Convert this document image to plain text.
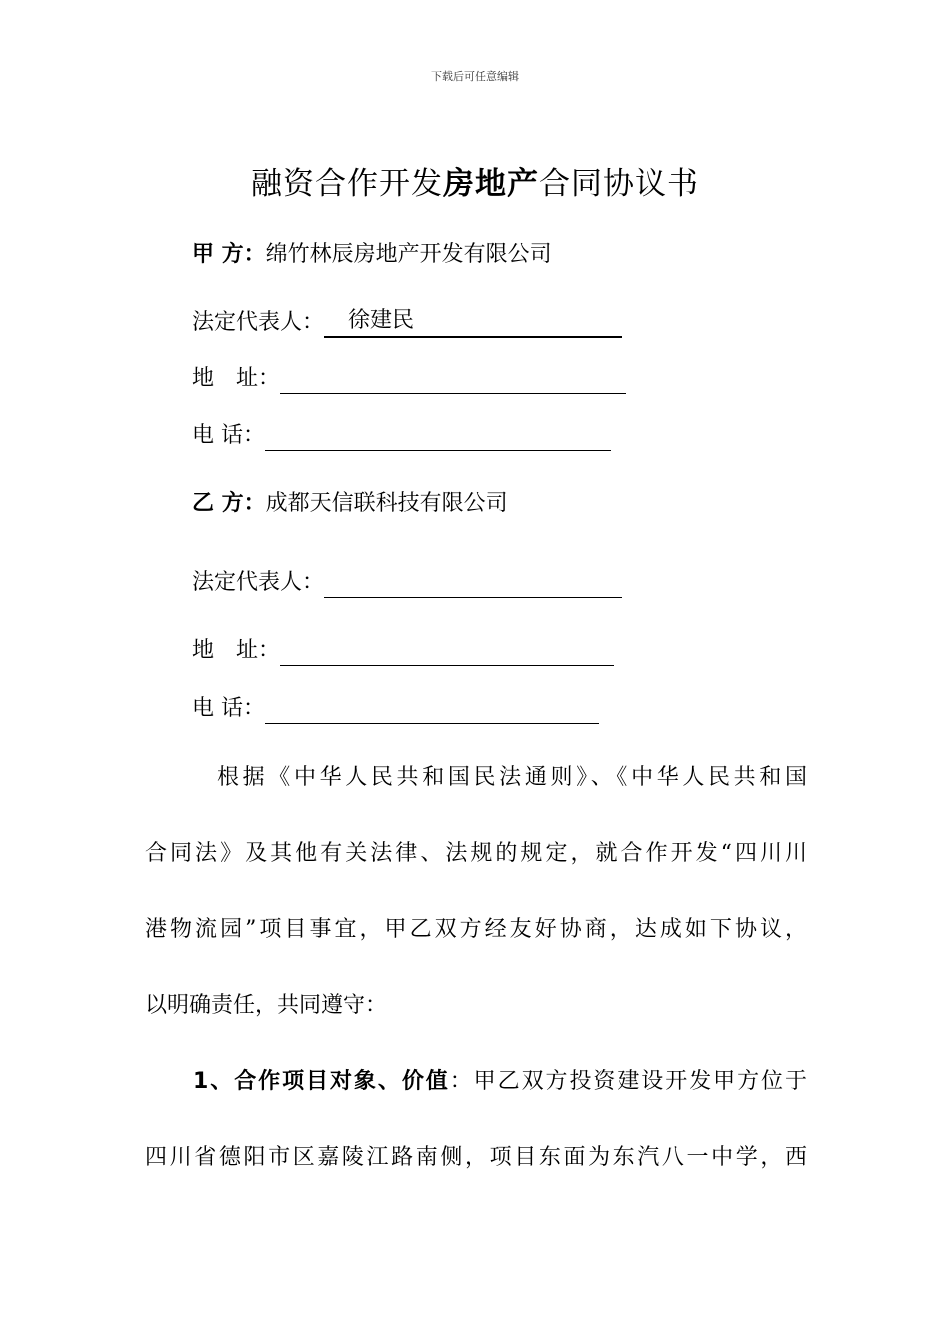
下载后可任意编辑
融资合作开发房地产合同协议书
甲 方：绵竹林辰房地产开发有限公司
法定代表人： 徐建民
地　址：
电 话：
乙 方：成都天信联科技有限公司
法定代表人：
地　址：
电 话：
根据《中华人民共和国民法通则》、《中华人民共和国
合同法》及其他有关法律、法规的规定，就合作开发“四川川
港物流园”项目事宜，甲乙双方经友好协商，达成如下协议，
以明确责任，共同遵守：
1、合作项目对象、价值：甲乙双方投资建设开发甲方位于
四川省德阳市区嘉陵江路南侧，项目东面为东汽八一中学，西
